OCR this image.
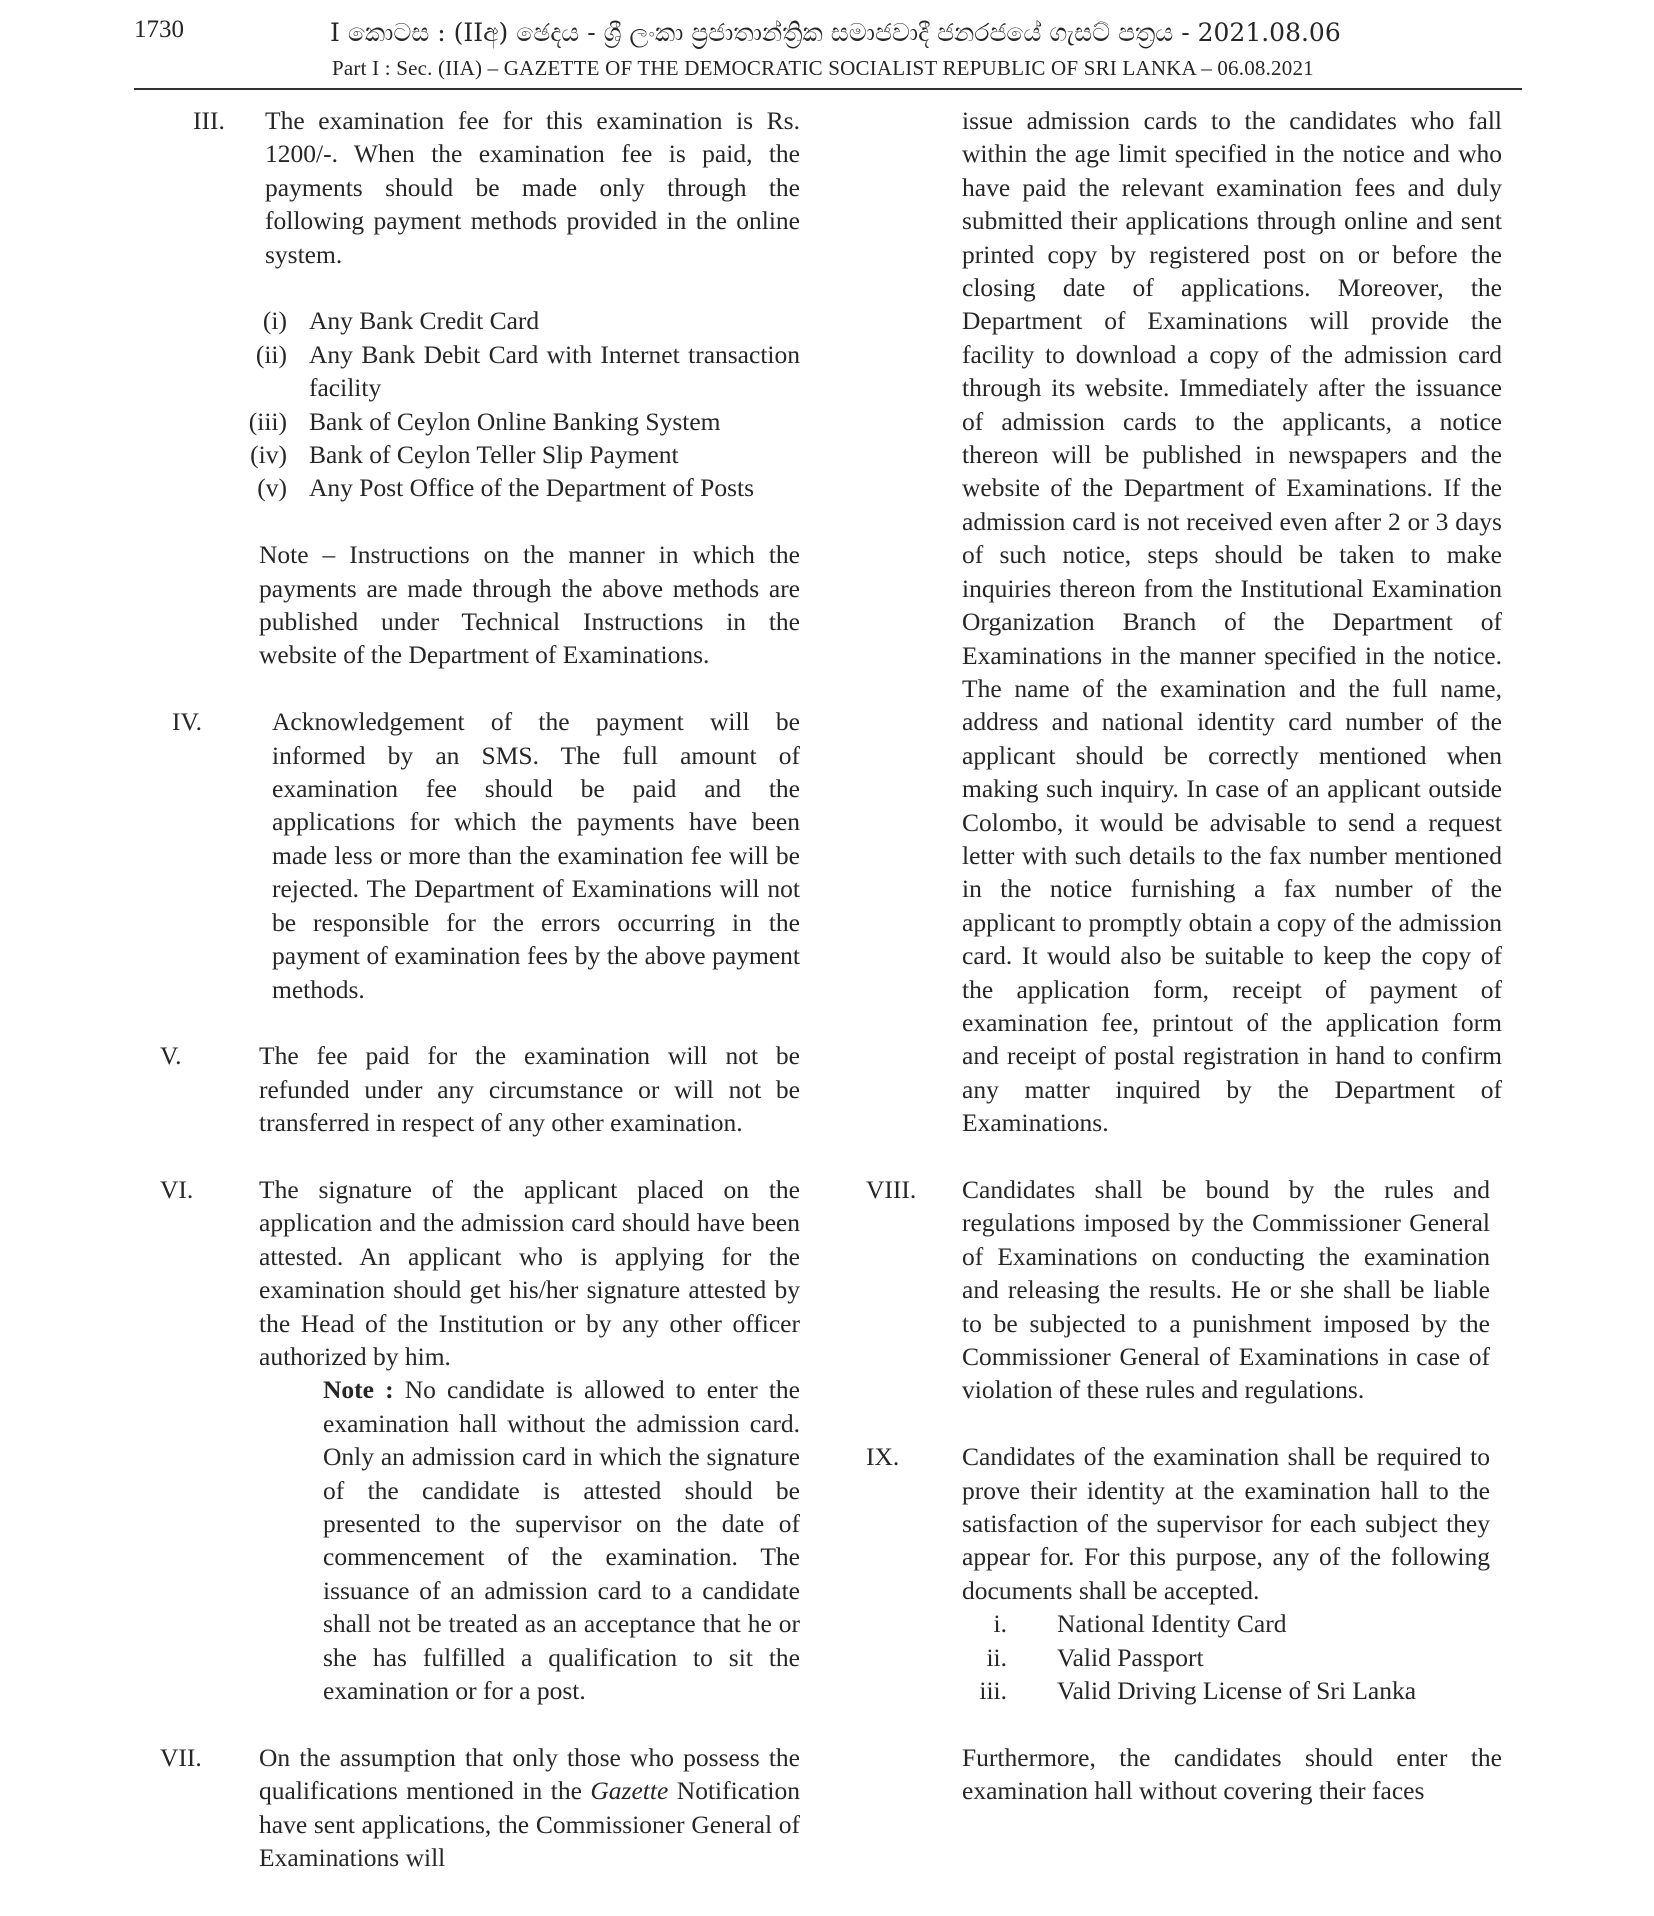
1730	I කොටස : (IIඅ) ඡෙදය - ශ්‍රී ලංකා ප්‍රජාතාන්ත්‍රික සමාජවාදී ජනරජයේ ගැසට් පත්‍රය - 2021.08.06
Part I : Sec. (IIA) – GAZETTE OF THE DEMOCRATIC SOCIALIST REPUBLIC OF SRI LANKA – 06.08.2021
III.	The examination fee for this examination is Rs. 1200/-. When the examination fee is paid, the payments should be made only through the following payment methods provided in the online system.

(i) Any Bank Credit Card
(ii) Any Bank Debit Card with Internet transaction facility
(iii) Bank of Ceylon Online Banking System
(iv) Bank of Ceylon Teller Slip Payment
(v) Any Post Office of the Department of Posts

Note – Instructions on the manner in which the payments are made through the above methods are published under Technical Instructions in the website of the Department of Examinations.

IV.	Acknowledgement of the payment will be informed by an SMS. The full amount of examination fee should be paid and the applications for which the payments have been made less or more than the examination fee will be rejected. The Department of Examinations will not be responsible for the errors occurring in the payment of examination fees by the above payment methods.

V.	The fee paid for the examination will not be refunded under any circumstance or will not be transferred in respect of any other examination.

VI.	The signature of the applicant placed on the application and the admission card should have been attested. An applicant who is applying for the examination should get his/her signature attested by the Head of the Institution or by any other officer authorized by him.

Note : No candidate is allowed to enter the examination hall without the admission card. Only an admission card in which the signature of the candidate is attested should be presented to the supervisor on the date of commencement of the examination. The issuance of an admission card to a candidate shall not be treated as an acceptance that he or she has fulfilled a qualification to sit the examination or for a post.

VII.	On the assumption that only those who possess the qualifications mentioned in the Gazette Notification have sent applications, the Commissioner General of Examinations will

issue admission cards to the candidates who fall within the age limit specified in the notice and who have paid the relevant examination fees and duly submitted their applications through online and sent printed copy by registered post on or before the closing date of applications. Moreover, the Department of Examinations will provide the facility to download a copy of the admission card through its website. Immediately after the issuance of admission cards to the applicants, a notice thereon will be published in newspapers and the website of the Department of Examinations. If the admission card is not received even after 2 or 3 days of such notice, steps should be taken to make inquiries thereon from the Institutional Examination Organization Branch of the Department of Examinations in the manner specified in the notice. The name of the examination and the full name, address and national identity card number of the applicant should be correctly mentioned when making such inquiry. In case of an applicant outside Colombo, it would be advisable to send a request letter with such details to the fax number mentioned in the notice furnishing a fax number of the applicant to promptly obtain a copy of the admission card. It would also be suitable to keep the copy of the application form, receipt of payment of examination fee, printout of the application form and receipt of postal registration in hand to confirm any matter inquired by the Department of Examinations.

VIII.	Candidates shall be bound by the rules and regulations imposed by the Commissioner General of Examinations on conducting the examination and releasing the results. He or she shall be liable to be subjected to a punishment imposed by the Commissioner General of Examinations in case of violation of these rules and regulations.

IX.	Candidates of the examination shall be required to prove their identity at the examination hall to the satisfaction of the supervisor for each subject they appear for. For this purpose, any of the following documents shall be accepted.

i.	National Identity Card
ii.	Valid Passport
iii.	Valid Driving License of Sri Lanka

Furthermore, the candidates should enter the examination hall without covering their faces
